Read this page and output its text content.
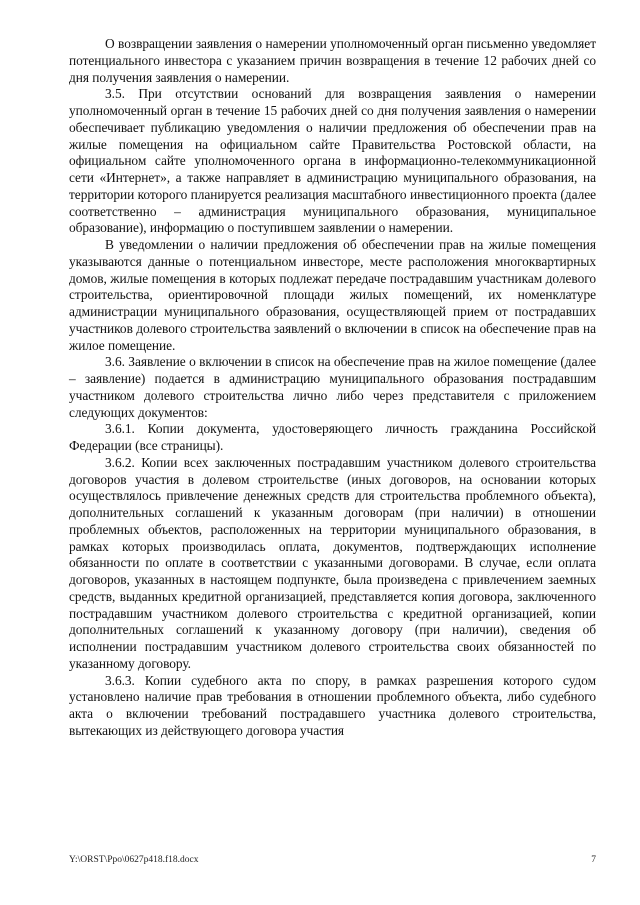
О возвращении заявления о намерении уполномоченный орган письменно уведомляет потенциального инвестора с указанием причин возвращения в течение 12 рабочих дней со дня получения заявления о намерении.

3.5. При отсутствии оснований для возвращения заявления о намерении уполномоченный орган в течение 15 рабочих дней со дня получения заявления о намерении обеспечивает публикацию уведомления о наличии предложения об обеспечении прав на жилые помещения на официальном сайте Правительства Ростовской области, на официальном сайте уполномоченного органа в информационно-телекоммуникационной сети «Интернет», а также направляет в администрацию муниципального образования, на территории которого планируется реализация масштабного инвестиционного проекта (далее соответственно – администрация муниципального образования, муниципальное образование), информацию о поступившем заявлении о намерении.

В уведомлении о наличии предложения об обеспечении прав на жилые помещения указываются данные о потенциальном инвесторе, месте расположения многоквартирных домов, жилые помещения в которых подлежат передаче пострадавшим участникам долевого строительства, ориентировочной площади жилых помещений, их номенклатуре администрации муниципального образования, осуществляющей прием от пострадавших участников долевого строительства заявлений о включении в список на обеспечение прав на жилое помещение.

3.6. Заявление о включении в список на обеспечение прав на жилое помещение (далее – заявление) подается в администрацию муниципального образования пострадавшим участником долевого строительства лично либо через представителя с приложением следующих документов:

3.6.1. Копии документа, удостоверяющего личность гражданина Российской Федерации (все страницы).

3.6.2. Копии всех заключенных пострадавшим участником долевого строительства договоров участия в долевом строительстве (иных договоров, на основании которых осуществлялось привлечение денежных средств для строительства проблемного объекта), дополнительных соглашений к указанным договорам (при наличии) в отношении проблемных объектов, расположенных на территории муниципального образования, в рамках которых производилась оплата, документов, подтверждающих исполнение обязанности по оплате в соответствии с указанными договорами. В случае, если оплата договоров, указанных в настоящем подпункте, была произведена с привлечением заемных средств, выданных кредитной организацией, представляется копия договора, заключенного пострадавшим участником долевого строительства с кредитной организацией, копии дополнительных соглашений к указанному договору (при наличии), сведения об исполнении пострадавшим участником долевого строительства своих обязанностей по указанному договору.

3.6.3. Копии судебного акта по спору, в рамках разрешения которого судом установлено наличие прав требования в отношении проблемного объекта, либо судебного акта о включении требований пострадавшего участника долевого строительства, вытекающих из действующего договора участия

Y:\ORST\Ppo\0627p418.f18.docx	7
